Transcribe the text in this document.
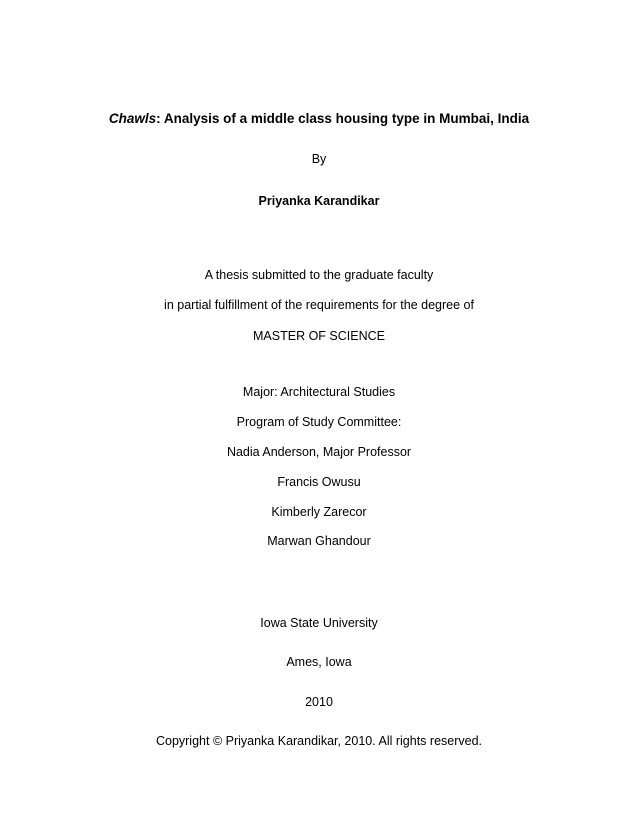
Chawls: Analysis of a middle class housing type in Mumbai, India
By
Priyanka Karandikar
A thesis submitted to the graduate faculty
in partial fulfillment of the requirements for the degree of
MASTER OF SCIENCE
Major: Architectural Studies
Program of Study Committee:
Nadia Anderson, Major Professor
Francis Owusu
Kimberly Zarecor
Marwan Ghandour
Iowa State University
Ames, Iowa
2010
Copyright © Priyanka Karandikar, 2010. All rights reserved.
